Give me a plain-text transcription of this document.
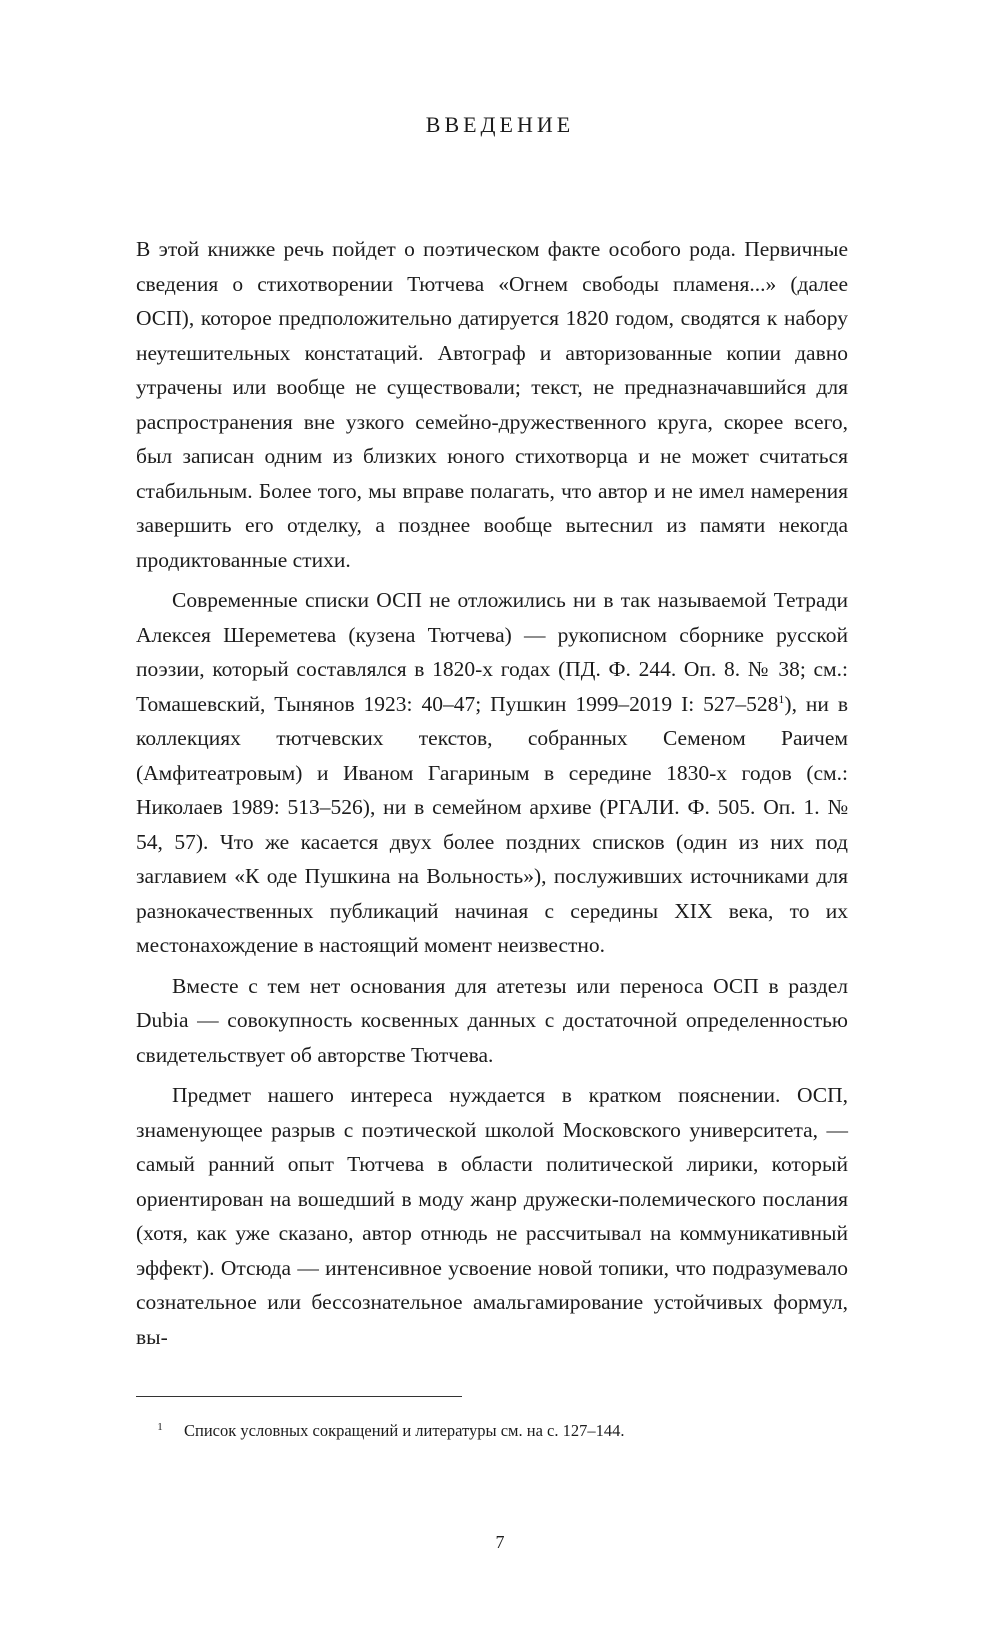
ВВЕДЕНИЕ

В этой книжке речь пойдет о поэтическом факте особого рода. Первичные сведения о стихотворении Тютчева «Огнем свободы пламеня...» (далее ОСП), которое предположительно датируется 1820 годом, сводятся к набору неутешительных констатаций. Автограф и авторизованные копии давно утрачены или вообще не существовали; текст, не предназначавшийся для распространения вне узкого семейно-дружественного круга, скорее всего, был записан одним из близких юного стихотворца и не может считаться стабильным. Более того, мы вправе полагать, что автор и не имел намерения завершить его отделку, а позднее вообще вытеснил из памяти некогда продиктованные стихи.

Современные списки ОСП не отложились ни в так называемой Тетради Алексея Шереметева (кузена Тютчева) — рукописном сборнике русской поэзии, который составлялся в 1820-х годах (ПД. Ф. 244. Оп. 8. № 38; см.: Томашевский, Тынянов 1923: 40–47; Пушкин 1999–2019 I: 527–528$^1$), ни в коллекциях тютчевских текстов, собранных Семеном Раичем (Амфитеатровым) и Иваном Гагариным в середине 1830-х годов (см.: Николаев 1989: 513–526), ни в семейном архиве (РГАЛИ. Ф. 505. Оп. 1. № 54, 57). Что же касается двух более поздних списков (один из них под заглавием «К оде Пушкина на Вольность»), послуживших источниками для разнокачественных публикаций начиная с середины XIX века, то их местонахождение в настоящий момент неизвестно.

Вместе с тем нет основания для атетезы или переноса ОСП в раздел Dubia — совокупность косвенных данных с достаточной определенностью свидетельствует об авторстве Тютчева.

Предмет нашего интереса нуждается в кратком пояснении. ОСП, знаменующее разрыв с поэтической школой Московского университета, — самый ранний опыт Тютчева в области политической лирики, который ориентирован на вошедший в моду жанр дружески-полемического послания (хотя, как уже сказано, автор отнюдь не рассчитывал на коммуникативный эффект). Отсюда — интенсивное усвоение новой топики, что подразумевало сознательное или бессознательное амальгамирование устойчивых формул, вы-

1 Список условных сокращений и литературы см. на с. 127–144.
7
